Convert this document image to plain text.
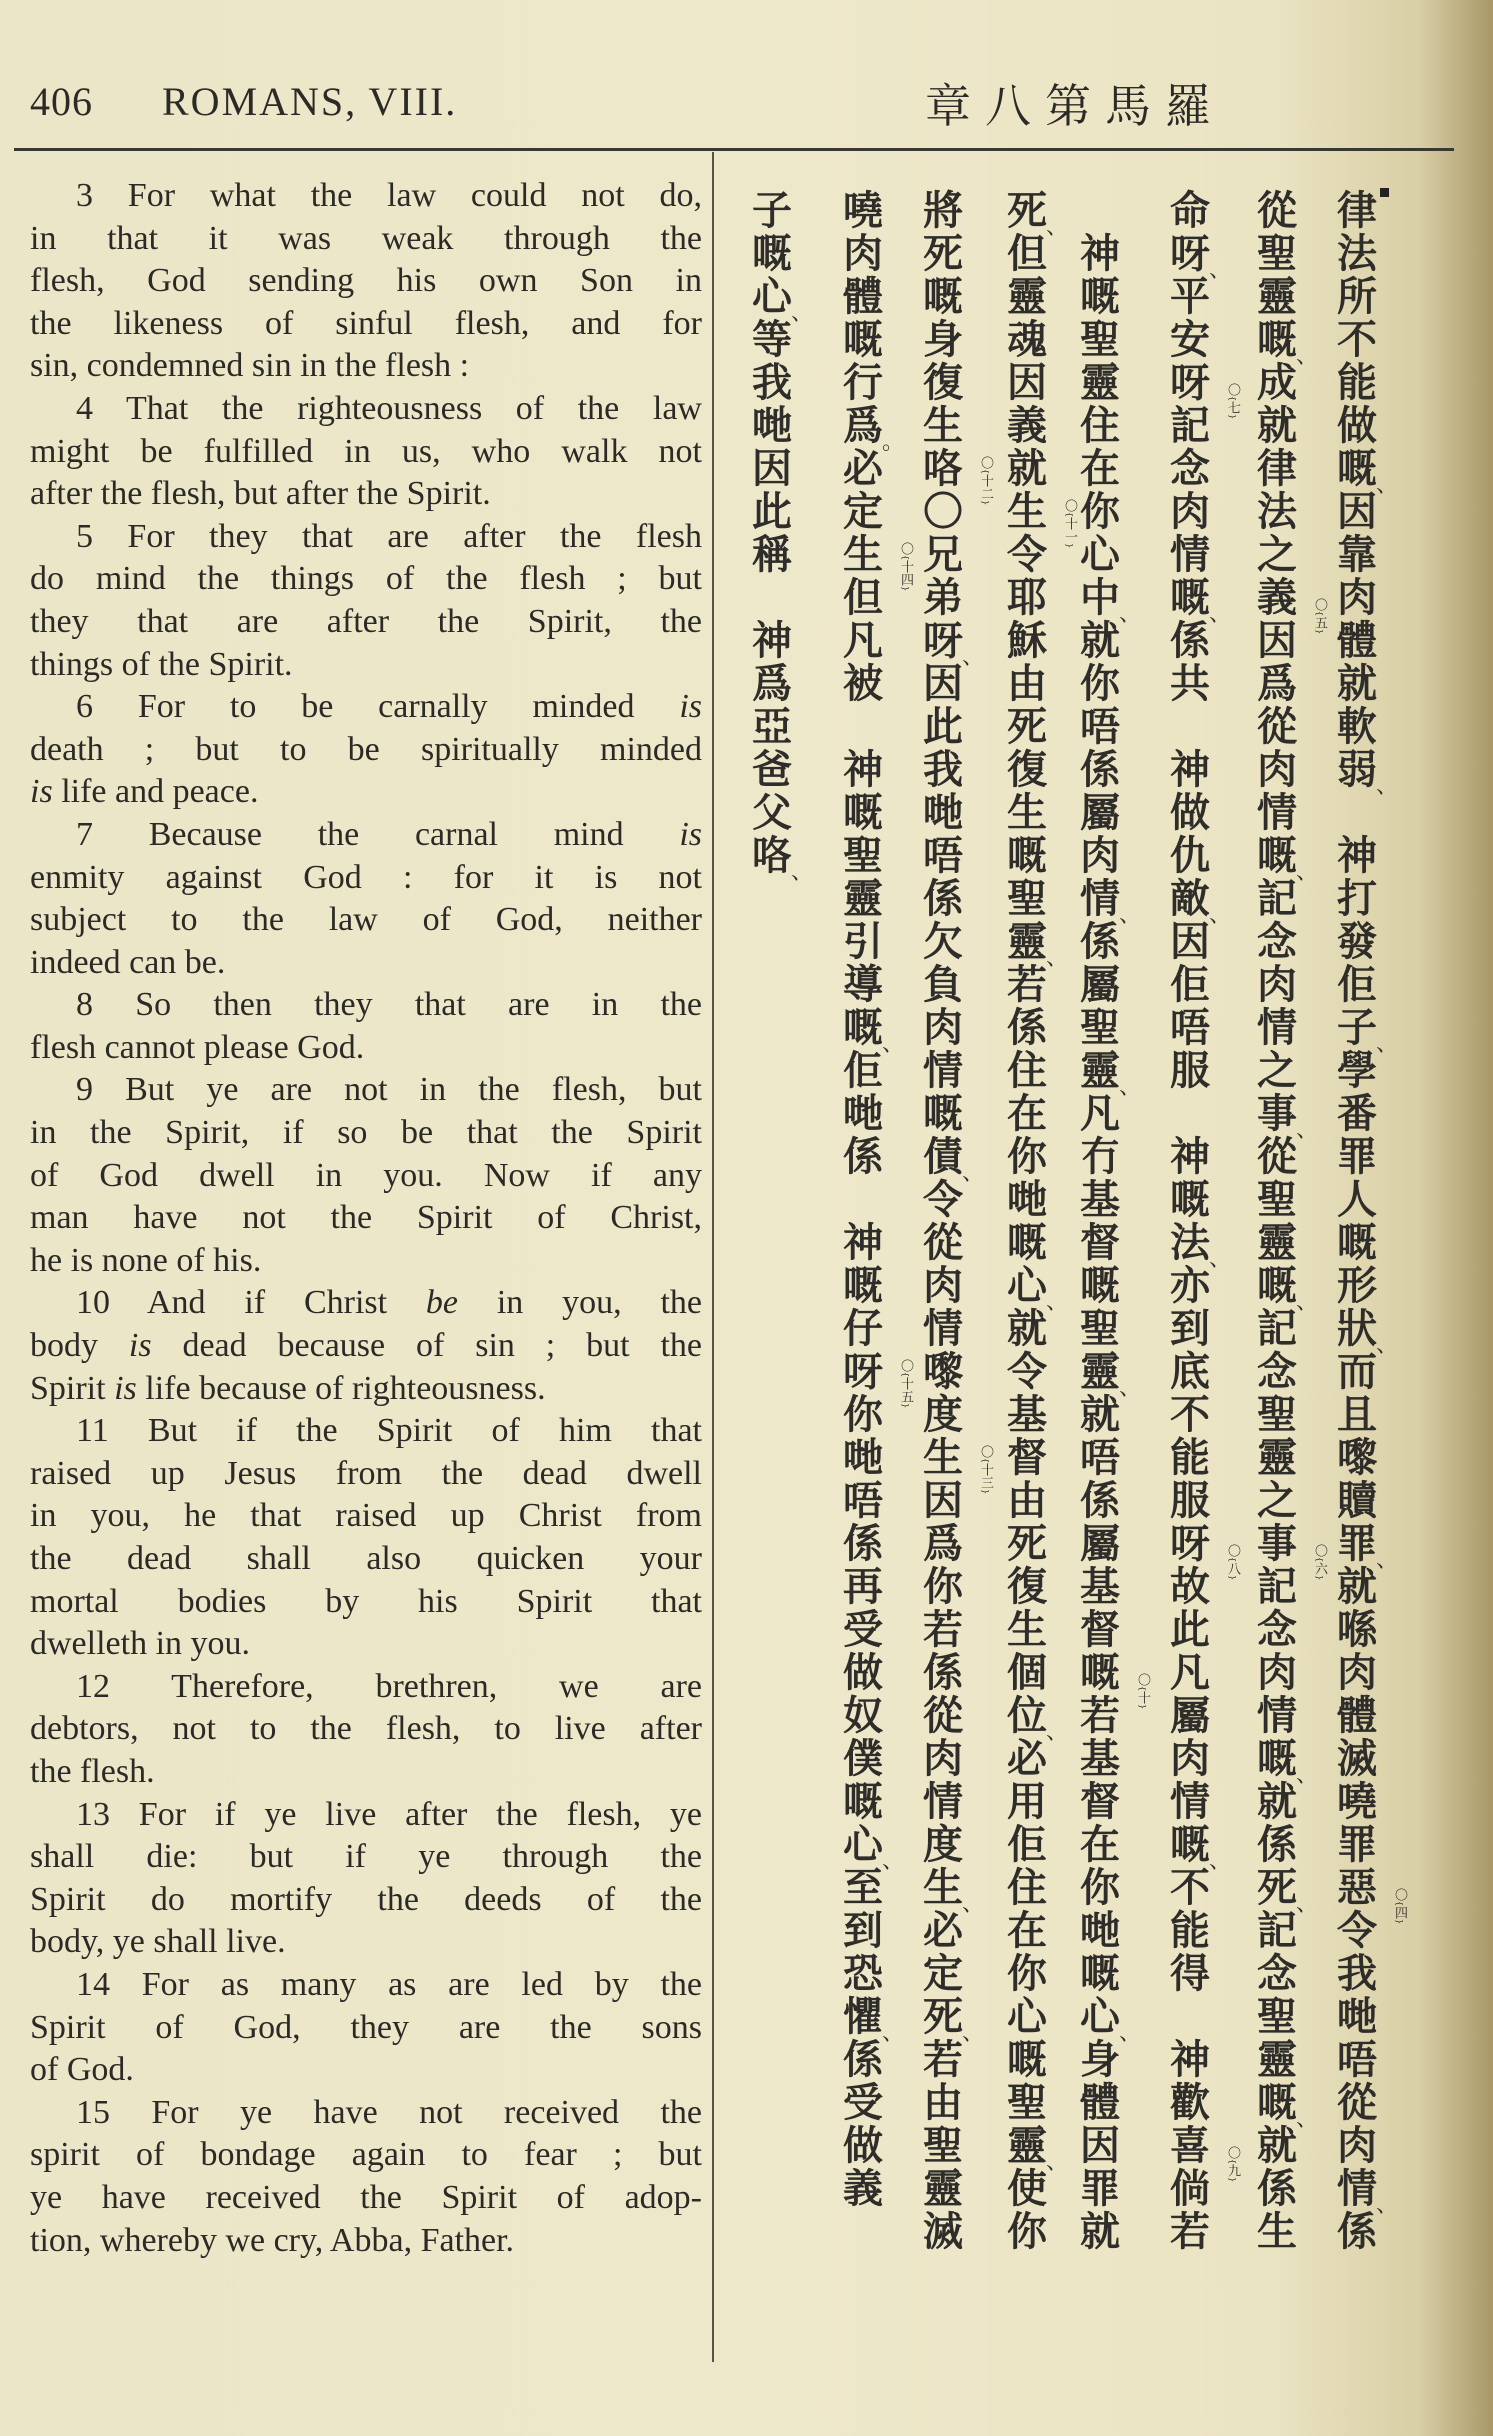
406 ROMANS, VIII.	羅馬第八章
3 For what the law could not do,
in that it was weak through the
flesh, God sending his own Son in
the likeness of sinful flesh, and for
sin, condemned sin in the flesh :
4 That the righteousness of the law
might be fulfilled in us, who walk not
after the flesh, but after the Spirit.
5 For they that are after the flesh
do mind the things of the flesh ; but
they that are after the Spirit, the
things of the Spirit.
6 For to be carnally minded is
death ; but to be spiritually minded
is life and peace.
7 Because the carnal mind is
enmity against God : for it is not
subject to the law of God, neither
indeed can be.
8 So then they that are in the
flesh cannot please God.
9 But ye are not in the flesh, but
in the Spirit, if so be that the Spirit
of God dwell in you. Now if any
man have not the Spirit of Christ,
he is none of his.
10 And if Christ be in you, the
body is dead because of sin ; but the
Spirit is life because of righteousness.
11 But if the Spirit of him that
raised up Jesus from the dead dwell
in you, he that raised up Christ from
the dead shall also quicken your
mortal bodies by his Spirit that
dwelleth in you.
12 Therefore, brethren, we are
debtors, not to the flesh, to live after
the flesh.
13 For if ye live after the flesh, ye
shall die: but if ye through the
Spirit do mortify the deeds of the
body, ye shall live.
14 For as many as are led by the
Spirit of God, they are the sons
of God.
15 For ye have not received the
spirit of bondage again to fear ; but
ye have received the Spirit of adop-
tion, whereby we cry, Abba, Father.
律
法
所
不
能
做
嘅
、
因
靠
肉
體
就
軟
弱
、

神
打
發
佢
子
、
學
番
罪
人
嘅
形
狀
、
而
且
嚟
贖
罪
、
就
喺
肉
體
滅
嘵
罪
惡 〇 {四}
令
我
哋
唔
從
肉
情
、
係
從
聖
靈
嘅
、
成
就
律
法
之
義 〇 {五}
因
爲
從
肉
情
嘅
、
記
念
肉
情
之
事
、
從
聖
靈
嘅
、
記
念
聖
靈
之
事 〇 {六}
記
念
肉
情
嘅
、
就
係
死
、
記
念
聖
靈
嘅
、
就
係
生
命
呀
、
平
安
呀 〇 {七}
記
念
肉
情
嘅
、
係
共

神
做
仇
敵
、
因
佢
唔
服

神
嘅
法
、
亦
到
底
不
能
服
呀 〇 {八}
故
此
凡
屬
肉
情
嘅
、
不
能
得

神
歡
喜 〇 {九}
倘
若

神
嘅
聖
靈
住
在
你
心
中
、
就
你
唔
係
屬
肉
情
、
係
屬
聖
靈
、
凡
冇
基
督
嘅
聖
靈
、
就
唔
係
屬
基
督
嘅 〇 {十}
若
基
督
在
你
哋
嘅
心
、
身
體
因
罪
就
死
、
但
靈
魂
因
義
就
生 〇 {十一}
令
耶
穌
由
死
復
生
嘅
聖
靈
、
若
係
住
在
你
哋
嘅
心
、
就
令
基
督
由
死
復
生
個
位
、
必
用
佢
住
在
你
心
嘅
聖
靈
、
使
你
將
死
嘅
身
復
生
咯 〇 {十二}
〇
兄
弟
呀
、
因
此
我
哋
唔
係
欠
負
肉
情
嘅
債
、
令
從
肉
情
嚟
度
生 〇 {十三}
因
爲
你
若
係
從
肉
情
度
生
、
必
定
死
、
若
由
聖
靈
滅
嘵
肉
體
嘅
行
爲
。
必
定
生 〇 {十四}
但
凡
被

神
嘅
聖
靈
引
導
嘅
、
佢
哋
係

神
嘅
仔
呀 〇 {十五}
你
哋
唔
係
再
受
做
奴
僕
嘅
心
、
至
到
恐
懼
、
係
受
做
義
子
嘅
心
、
等
我
哋
因
此
稱

神
爲
亞
爸
父
咯
、
